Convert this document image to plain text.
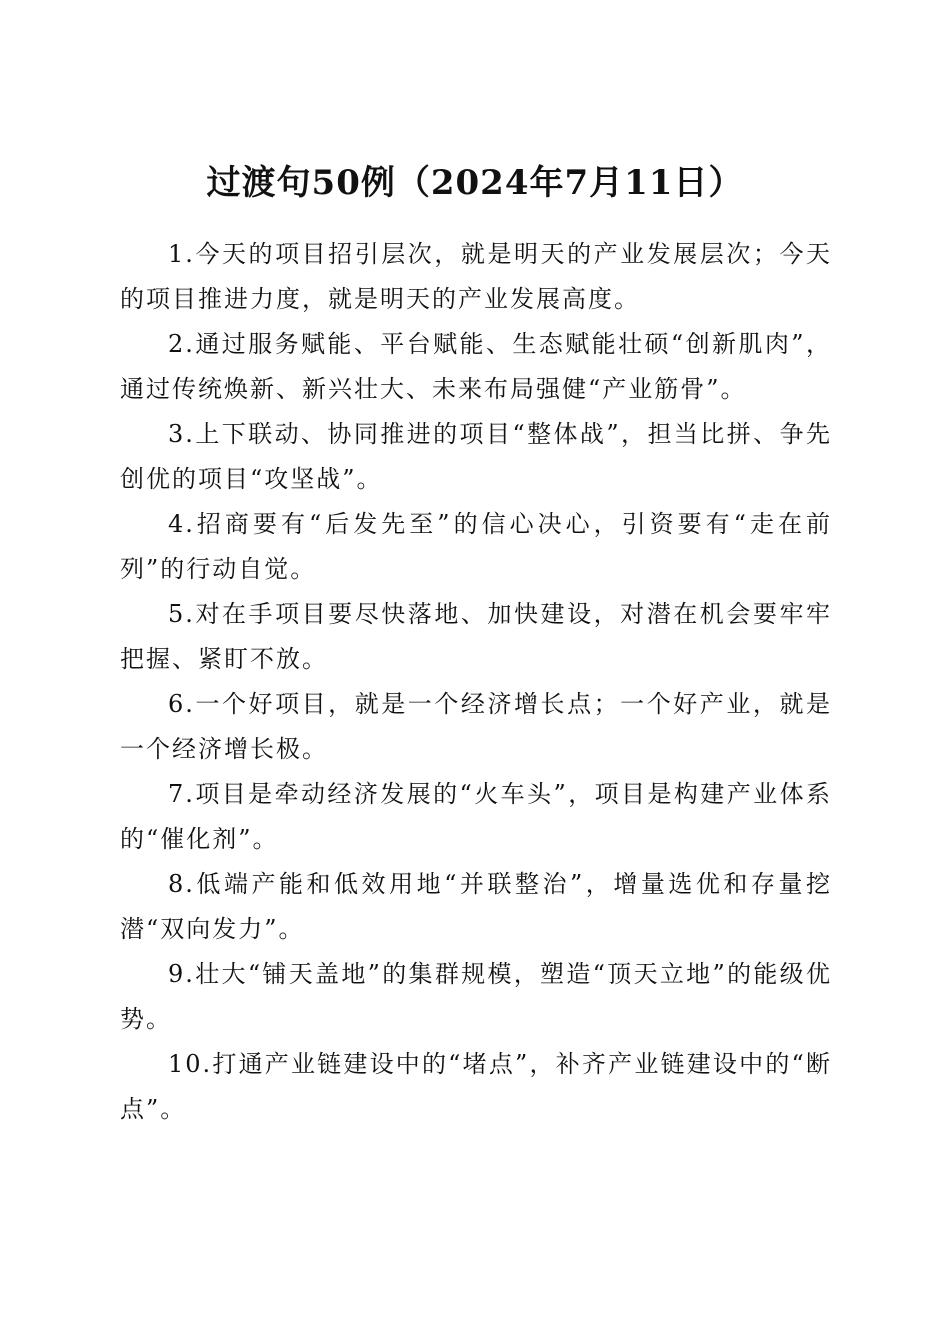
过渡句50例（2024年7月11日）

1.今天的项目招引层次，就是明天的产业发展层次；今天的项目推进力度，就是明天的产业发展高度。

2.通过服务赋能、平台赋能、生态赋能壮硕“创新肌肉”，通过传统焕新、新兴壮大、未来布局强健“产业筋骨”。

3.上下联动、协同推进的项目“整体战”，担当比拼、争先创优的项目“攻坚战”。

4.招商要有“后发先至”的信心决心，引资要有“走在前列”的行动自觉。

5.对在手项目要尽快落地、加快建设，对潜在机会要牢牢把握、紧盯不放。

6.一个好项目，就是一个经济增长点；一个好产业，就是一个经济增长极。

7.项目是牵动经济发展的“火车头”，项目是构建产业体系的“催化剂”。

8.低端产能和低效用地“并联整治”，增量选优和存量挖潜“双向发力”。

9.壮大“铺天盖地”的集群规模，塑造“顶天立地”的能级优势。

10.打通产业链建设中的“堵点”，补齐产业链建设中的“断点”。
